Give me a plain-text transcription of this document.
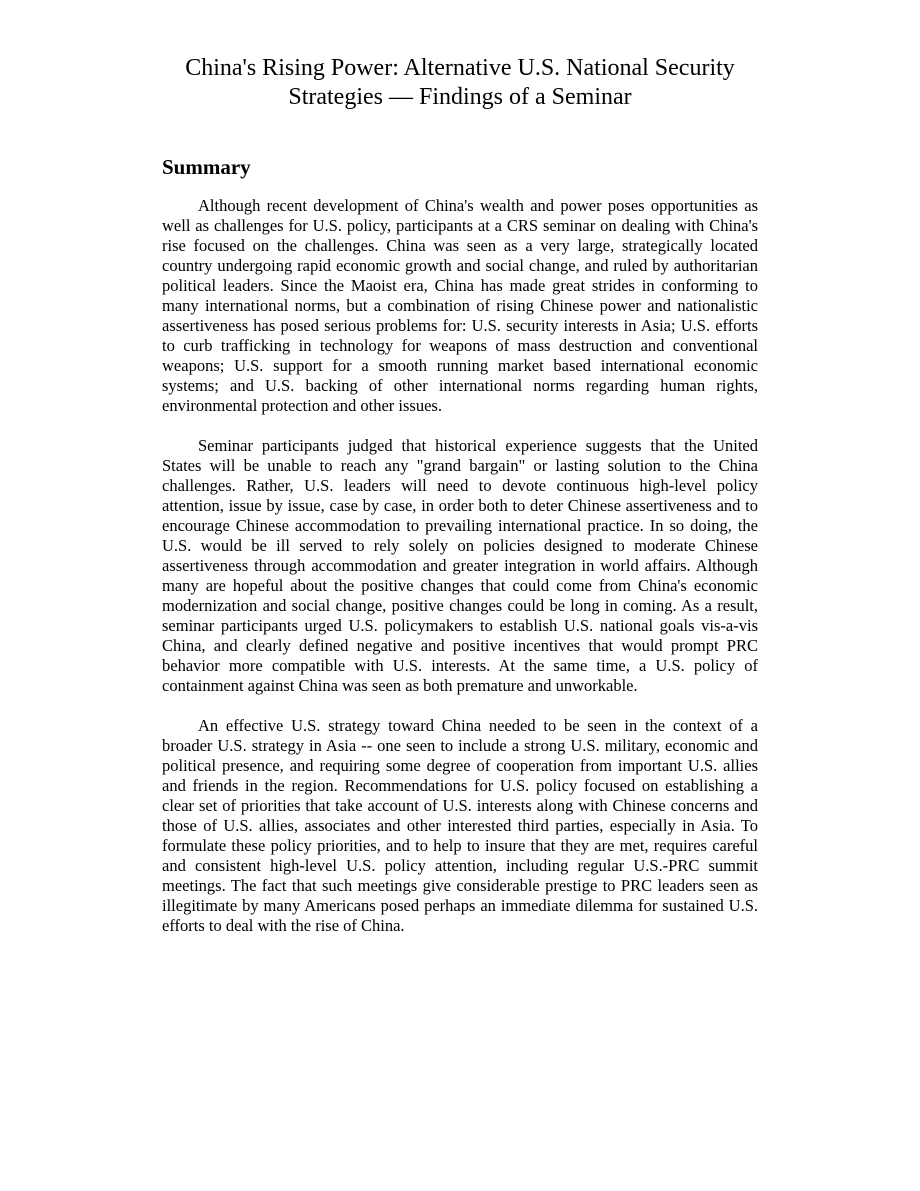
China's Rising Power: Alternative U.S. National Security Strategies — Findings of a Seminar
Summary

Although recent development of China's wealth and power poses opportunities as well as challenges for U.S. policy, participants at a CRS seminar on dealing with China's rise focused on the challenges. China was seen as a very large, strategically located country undergoing rapid economic growth and social change, and ruled by authoritarian political leaders. Since the Maoist era, China has made great strides in conforming to many international norms, but a combination of rising Chinese power and nationalistic assertiveness has posed serious problems for: U.S. security interests in Asia; U.S. efforts to curb trafficking in technology for weapons of mass destruction and conventional weapons; U.S. support for a smooth running market based international economic systems; and U.S. backing of other international norms regarding human rights, environmental protection and other issues.

Seminar participants judged that historical experience suggests that the United States will be unable to reach any "grand bargain" or lasting solution to the China challenges. Rather, U.S. leaders will need to devote continuous high-level policy attention, issue by issue, case by case, in order both to deter Chinese assertiveness and to encourage Chinese accommodation to prevailing international practice. In so doing, the U.S. would be ill served to rely solely on policies designed to moderate Chinese assertiveness through accommodation and greater integration in world affairs. Although many are hopeful about the positive changes that could come from China's economic modernization and social change, positive changes could be long in coming. As a result, seminar participants urged U.S. policymakers to establish U.S. national goals vis-a-vis China, and clearly defined negative and positive incentives that would prompt PRC behavior more compatible with U.S. interests. At the same time, a U.S. policy of containment against China was seen as both premature and unworkable.

An effective U.S. strategy toward China needed to be seen in the context of a broader U.S. strategy in Asia -- one seen to include a strong U.S. military, economic and political presence, and requiring some degree of cooperation from important U.S. allies and friends in the region. Recommendations for U.S. policy focused on establishing a clear set of priorities that take account of U.S. interests along with Chinese concerns and those of U.S. allies, associates and other interested third parties, especially in Asia. To formulate these policy priorities, and to help to insure that they are met, requires careful and consistent high-level U.S. policy attention, including regular U.S.-PRC summit meetings. The fact that such meetings give considerable prestige to PRC leaders seen as illegitimate by many Americans posed perhaps an immediate dilemma for sustained U.S. efforts to deal with the rise of China.
